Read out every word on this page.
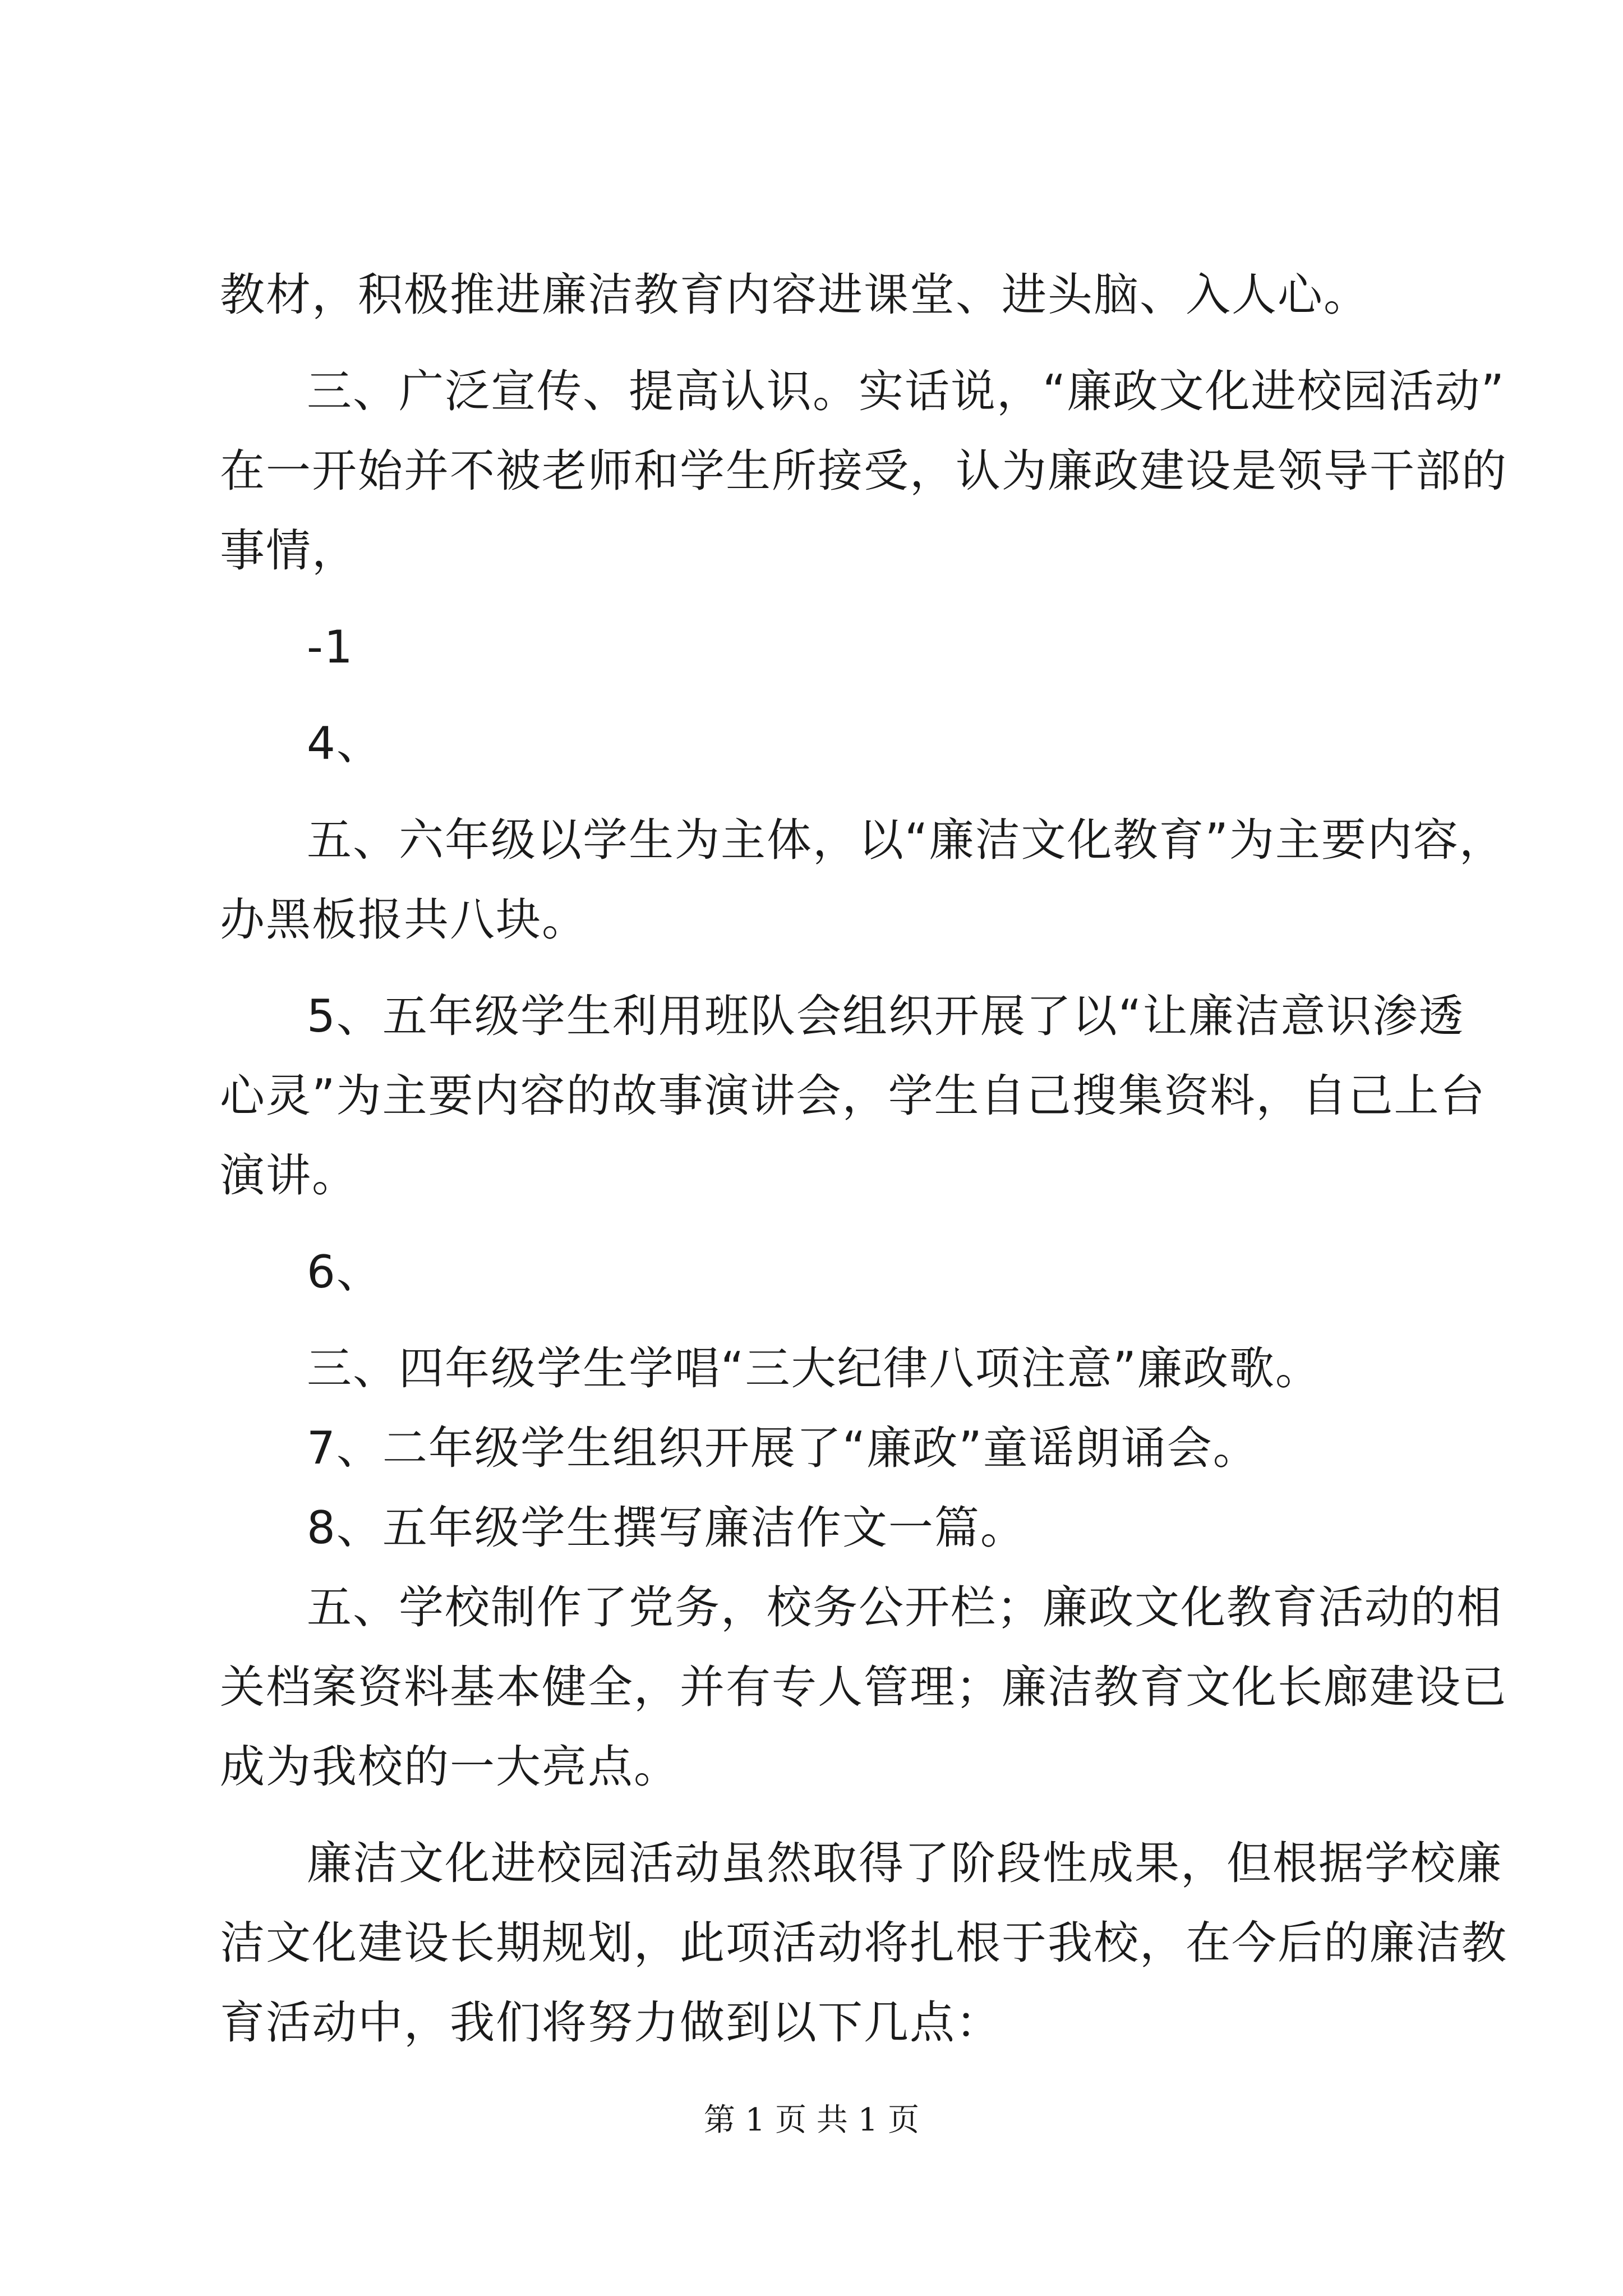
教材，积极推进廉洁教育内容进课堂、进头脑、入人心。
三、广泛宣传、提高认识。实话说，“廉政文化进校园活动”
在一开始并不被老师和学生所接受，认为廉政建设是领导干部的
事情，
-1
4、
五、六年级以学生为主体，以“廉洁文化教育”为主要内容，
办黑板报共八块。
5、五年级学生利用班队会组织开展了以“让廉洁意识渗透
心灵”为主要内容的故事演讲会，学生自己搜集资料，自己上台
演讲。
6、
三、四年级学生学唱“三大纪律八项注意”廉政歌。
7、二年级学生组织开展了“廉政”童谣朗诵会。
8、五年级学生撰写廉洁作文一篇。
五、学校制作了党务，校务公开栏；廉政文化教育活动的相
关档案资料基本健全，并有专人管理；廉洁教育文化长廊建设已
成为我校的一大亮点。
廉洁文化进校园活动虽然取得了阶段性成果，但根据学校廉
洁文化建设长期规划，此项活动将扎根于我校，在今后的廉洁教
育活动中，我们将努力做到以下几点：
第 1 页 共 1 页
